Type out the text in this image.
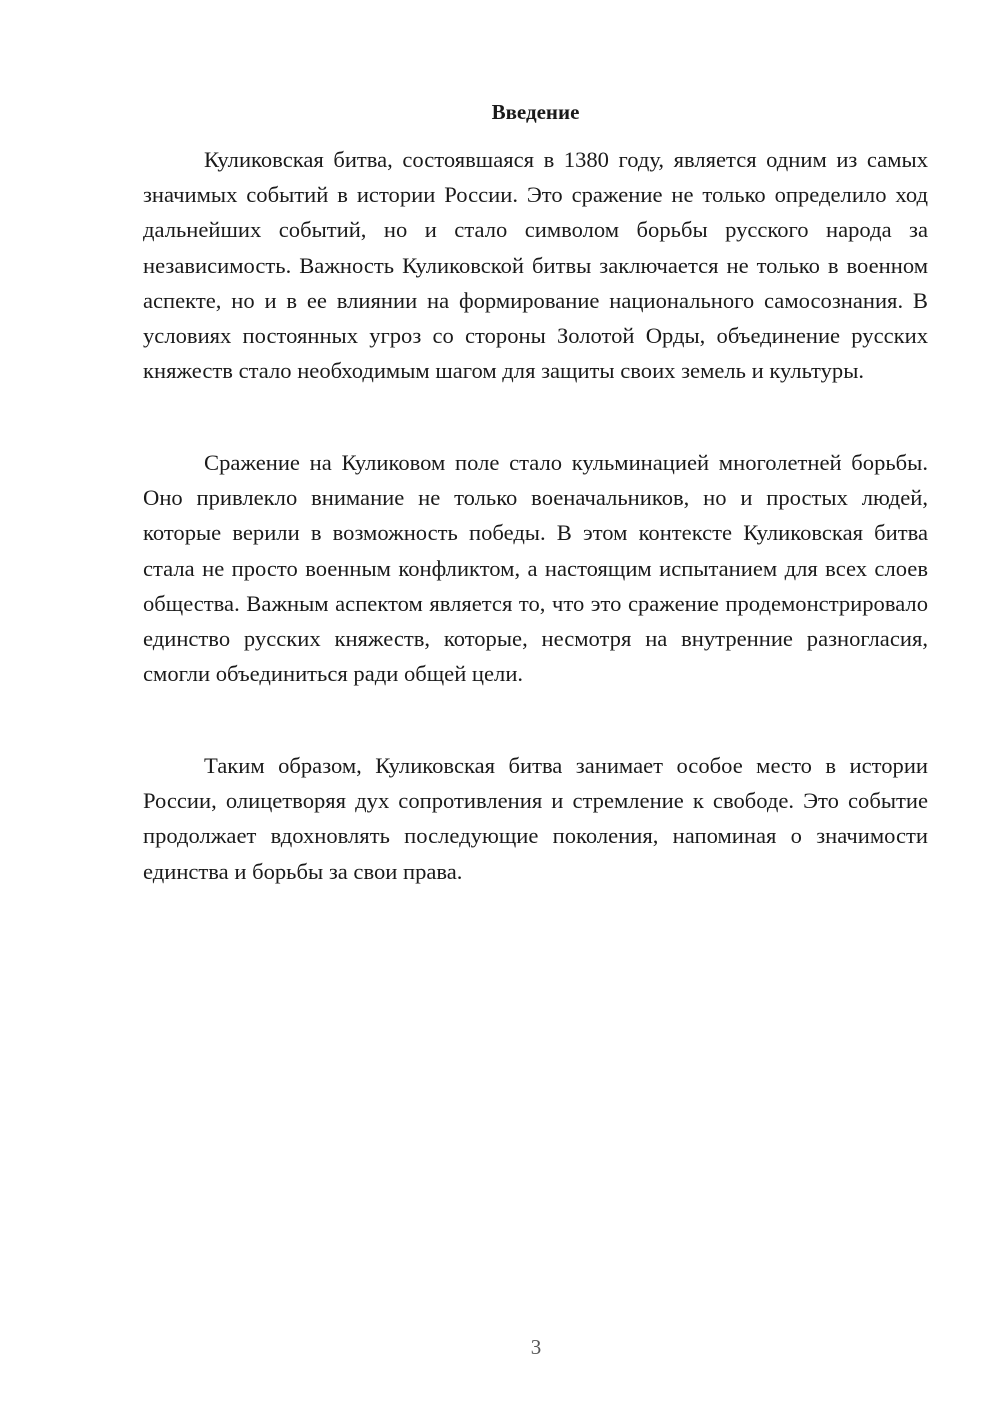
Введение

Куликовская битва, состоявшаяся в 1380 году, является одним из самых значимых событий в истории России. Это сражение не только определило ход дальнейших событий, но и стало символом борьбы русского народа за независимость. Важность Куликовской битвы заключается не только в военном аспекте, но и в ее влиянии на формирование национального самосознания. В условиях постоянных угроз со стороны Золотой Орды, объединение русских княжеств стало необходимым шагом для защиты своих земель и культуры.

Сражение на Куликовом поле стало кульминацией многолетней борьбы. Оно привлекло внимание не только военачальников, но и простых людей, которые верили в возможность победы. В этом контексте Куликовская битва стала не просто военным конфликтом, а настоящим испытанием для всех слоев общества. Важным аспектом является то, что это сражение продемонстрировало единство русских княжеств, которые, несмотря на внутренние разногласия, смогли объединиться ради общей цели.

Таким образом, Куликовская битва занимает особое место в истории России, олицетворяя дух сопротивления и стремление к свободе. Это событие продолжает вдохновлять последующие поколения, напоминая о значимости единства и борьбы за свои права.

3
